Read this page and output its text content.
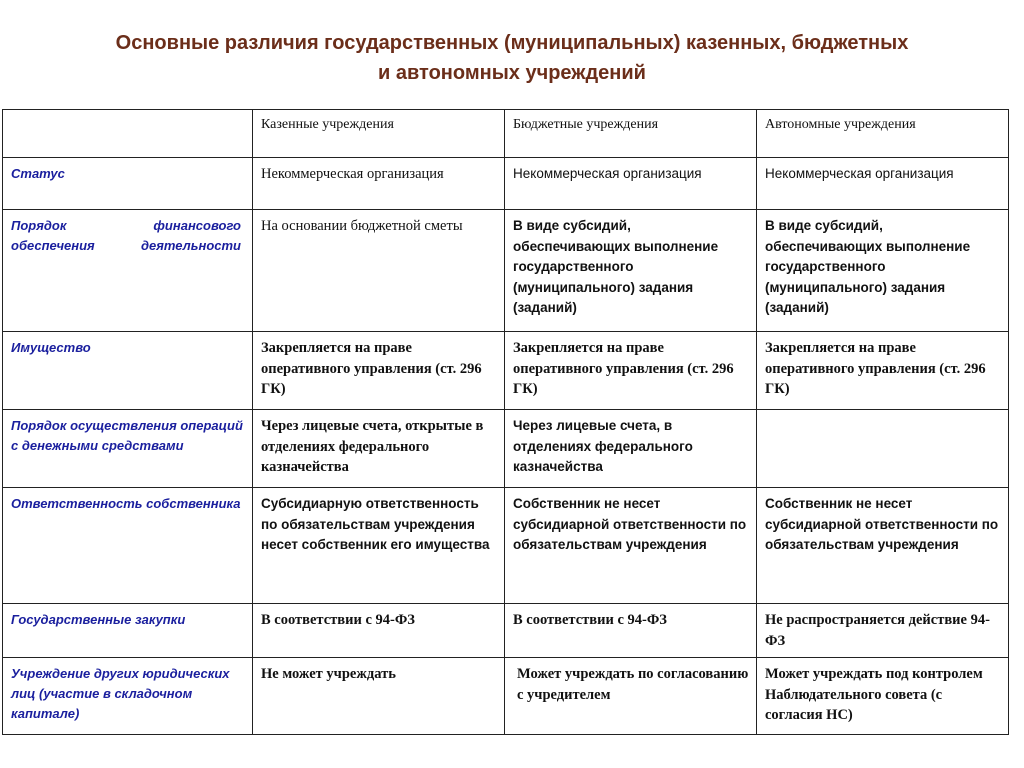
Основные различия государственных (муниципальных) казенных, бюджетных
и автономных учреждений
	Казенные учреждения	Бюджетные учреждения	Автономные учреждения
Статус	Некоммерческая организация	Некоммерческая организация	Некоммерческая организация

Порядок финансового обеспечения деятельности	На основании бюджетной сметы	В виде субсидий, обеспечивающих выполнение государственного (муниципального) задания (заданий)	В виде субсидий, обеспечивающих выполнение государственного (муниципального) задания (заданий)
Имущество	Закрепляется на праве оперативного управления (ст. 296 ГК)	Закрепляется на праве оперативного управления (ст. 296 ГК)	Закрепляется на праве оперативного управления (ст. 296 ГК)
Порядок осуществления операций с денежными средствами	Через лицевые счета, открытые в отделениях федерального казначейства	Через лицевые счета, в отделениях федерального казначейства	
Ответственность собственника	Субсидиарную ответственность по обязательствам учреждения несет собственник его имущества	Собственник не несет субсидиарной ответственности по обязательствам учреждения	Собственник не несет субсидиарной ответственности по обязательствам учреждения
Государственные закупки	В соответствии с 94-ФЗ	В соответствии с 94-ФЗ	Не распространяется действие 94-ФЗ
Учреждение других юридических лиц (участие в складочном капитале)	Не может учреждать	Может учреждать по согласованию с учредителем	Может учреждать под контролем Наблюдательного совета (с согласия НС)
